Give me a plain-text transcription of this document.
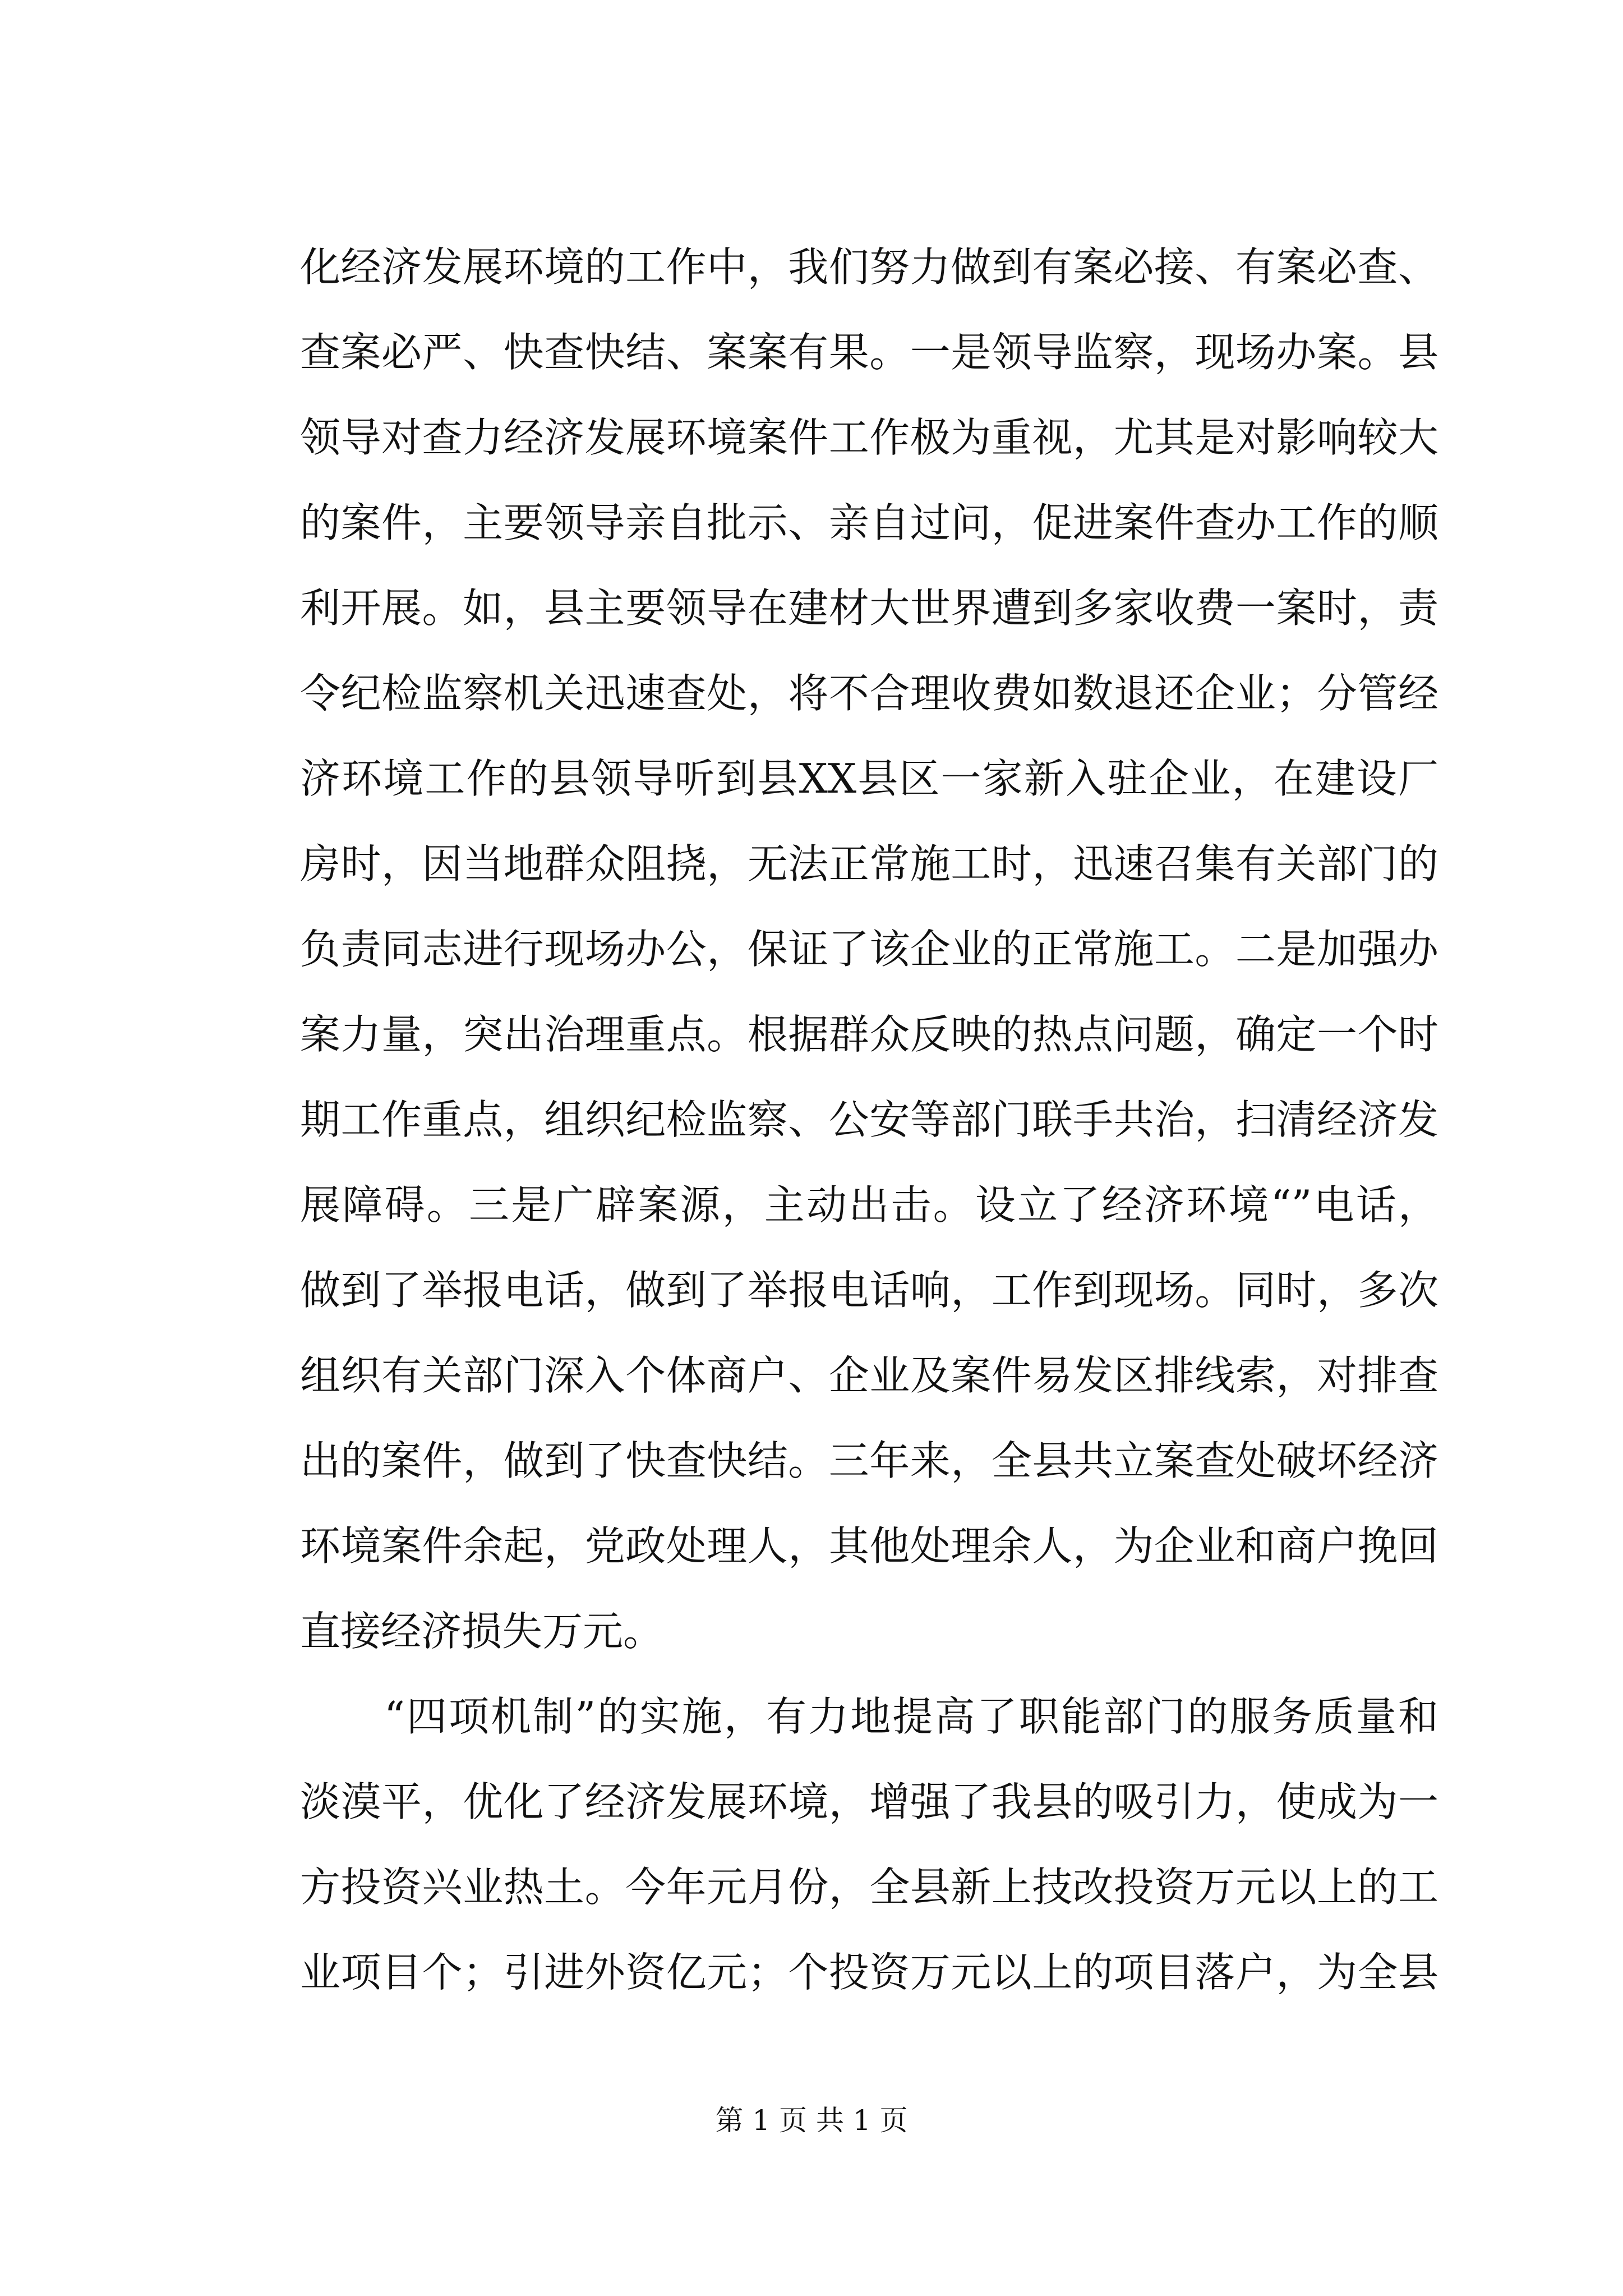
化经济发展环境的工作中，我们努力做到有案必接、有案必查、
查案必严、快查快结、案案有果。一是领导监察，现场办案。县
领导对查力经济发展环境案件工作极为重视，尤其是对影响较大
的案件，主要领导亲自批示、亲自过问，促进案件查办工作的顺
利开展。如，县主要领导在建材大世界遭到多家收费一案时，责
令纪检监察机关迅速查处，将不合理收费如数退还企业；分管经
济环境工作的县领导听到县XX县区一家新入驻企业，在建设厂
房时，因当地群众阻挠，无法正常施工时，迅速召集有关部门的
负责同志进行现场办公，保证了该企业的正常施工。二是加强办
案力量，突出治理重点。根据群众反映的热点问题，确定一个时
期工作重点，组织纪检监察、公安等部门联手共治，扫清经济发
展障碍。三是广辟案源，主动出击。设立了经济环境“”电话，
做到了举报电话，做到了举报电话响，工作到现场。同时，多次
组织有关部门深入个体商户、企业及案件易发区排线索，对排查
出的案件，做到了快查快结。三年来，全县共立案查处破坏经济
环境案件余起，党政处理人，其他处理余人，为企业和商户挽回
直接经济损失万元。
“四项机制”的实施，有力地提高了职能部门的服务质量和
淡漠平，优化了经济发展环境，增强了我县的吸引力，使成为一
方投资兴业热土。今年元月份，全县新上技改投资万元以上的工
业项目个；引进外资亿元；个投资万元以上的项目落户，为全县
第 1 页 共 1 页
